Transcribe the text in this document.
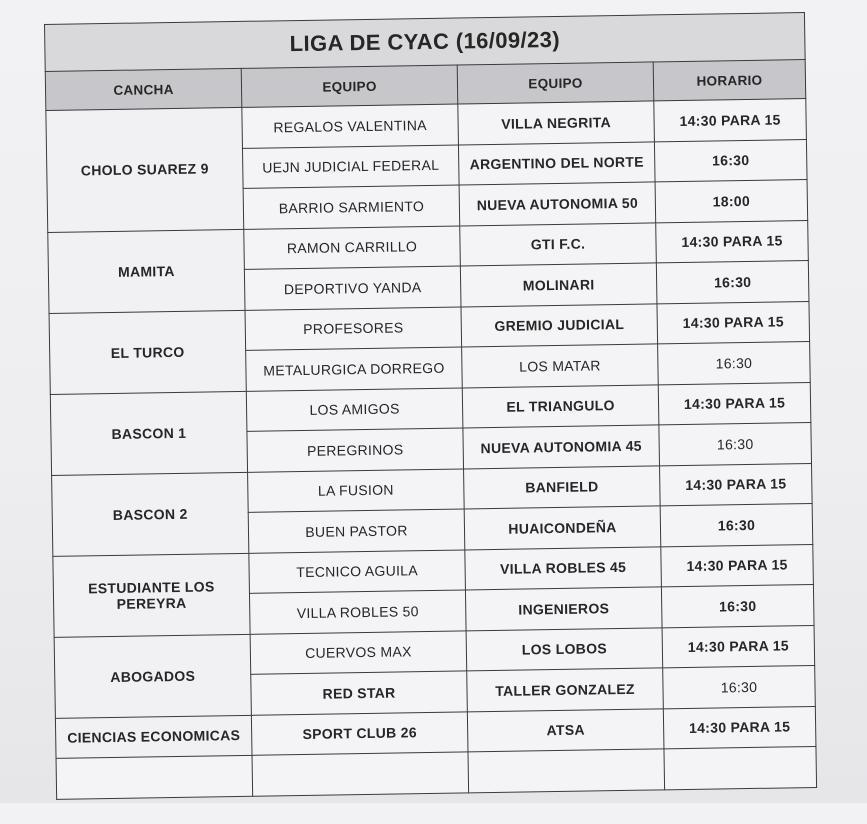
LIGA DE CYAC (16/09/23)			
CANCHA	EQUIPO	EQUIPO	HORARIO
CHOLO SUAREZ 9	REGALOS VALENTINA	VILLA NEGRITA	14:30 PARA 15
	UEJN JUDICIAL FEDERAL	ARGENTINO DEL NORTE	16:30
	BARRIO SARMIENTO	NUEVA AUTONOMIA 50	18:00
MAMITA	RAMON CARRILLO	GTI F.C.	14:30 PARA 15
	DEPORTIVO YANDA	MOLINARI	16:30
EL TURCO	PROFESORES	GREMIO JUDICIAL	14:30 PARA 15
	METALURGICA DORREGO	LOS MATAR	16:30
BASCON 1	LOS AMIGOS	EL TRIANGULO	14:30 PARA 15
	PEREGRINOS	NUEVA AUTONOMIA 45	16:30
BASCON 2	LA FUSION	BANFIELD	14:30 PARA 15
	BUEN PASTOR	HUAICONDEÑA	16:30
ESTUDIANTE LOS PEREYRA	TECNICO AGUILA	VILLA ROBLES 45	14:30 PARA 15
	VILLA ROBLES 50	INGENIEROS	16:30
ABOGADOS	CUERVOS MAX	LOS LOBOS	14:30 PARA 15
	RED STAR	TALLER GONZALEZ	16:30
CIENCIAS ECONOMICAS	SPORT CLUB 26	ATSA	14:30 PARA 15
